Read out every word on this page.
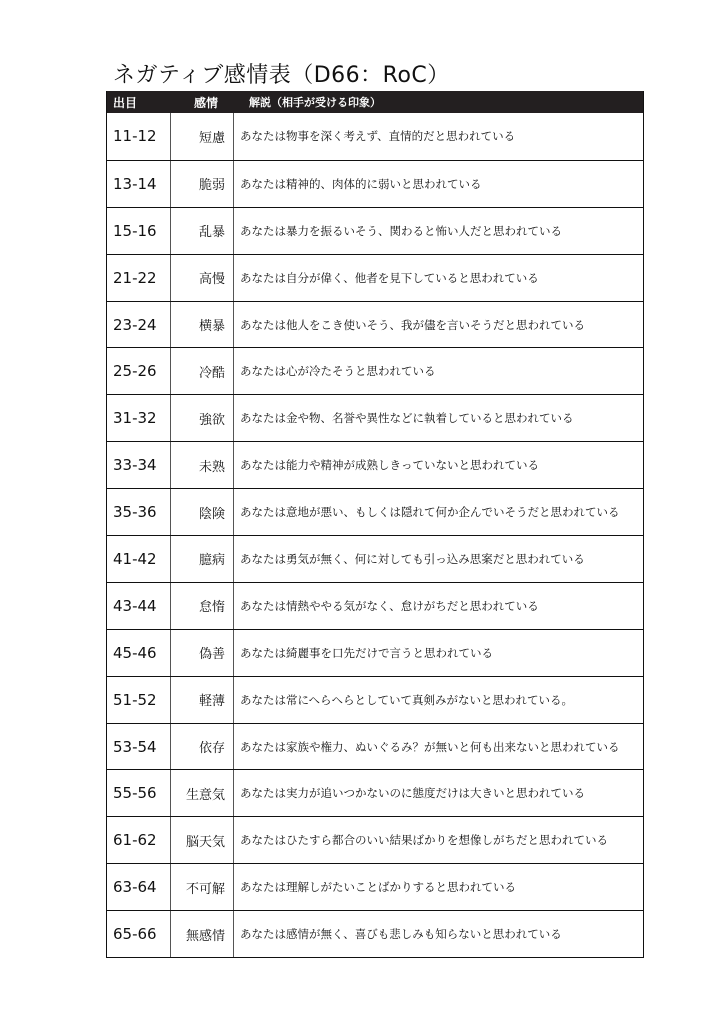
ネガティブ感情表（D66：RoC）
出目	感情	解説（相手が受ける印象）
11-12	短慮	あなたは物事を深く考えず、直情的だと思われている
13-14	脆弱	あなたは精神的、肉体的に弱いと思われている
15-16	乱暴	あなたは暴力を振るいそう、関わると怖い人だと思われている
21-22	高慢	あなたは自分が偉く、他者を見下していると思われている
23-24	横暴	あなたは他人をこき使いそう、我が儘を言いそうだと思われている
25-26	冷酷	あなたは心が冷たそうと思われている
31-32	強欲	あなたは金や物、名誉や異性などに執着していると思われている
33-34	未熟	あなたは能力や精神が成熟しきっていないと思われている
35-36	陰険	あなたは意地が悪い、もしくは隠れて何か企んでいそうだと思われている
41-42	臆病	あなたは勇気が無く、何に対しても引っ込み思案だと思われている
43-44	怠惰	あなたは情熱ややる気がなく、怠けがちだと思われている
45-46	偽善	あなたは綺麗事を口先だけで言うと思われている
51-52	軽薄	あなたは常にへらへらとしていて真剣みがないと思われている。
53-54	依存	あなたは家族や権力、ぬいぐるみ？が無いと何も出来ないと思われている
55-56	生意気	あなたは実力が追いつかないのに態度だけは大きいと思われている
61-62	脳天気	あなたはひたすら都合のいい結果ばかりを想像しがちだと思われている
63-64	不可解	あなたは理解しがたいことばかりすると思われている
65-66	無感情	あなたは感情が無く、喜びも悲しみも知らないと思われている
